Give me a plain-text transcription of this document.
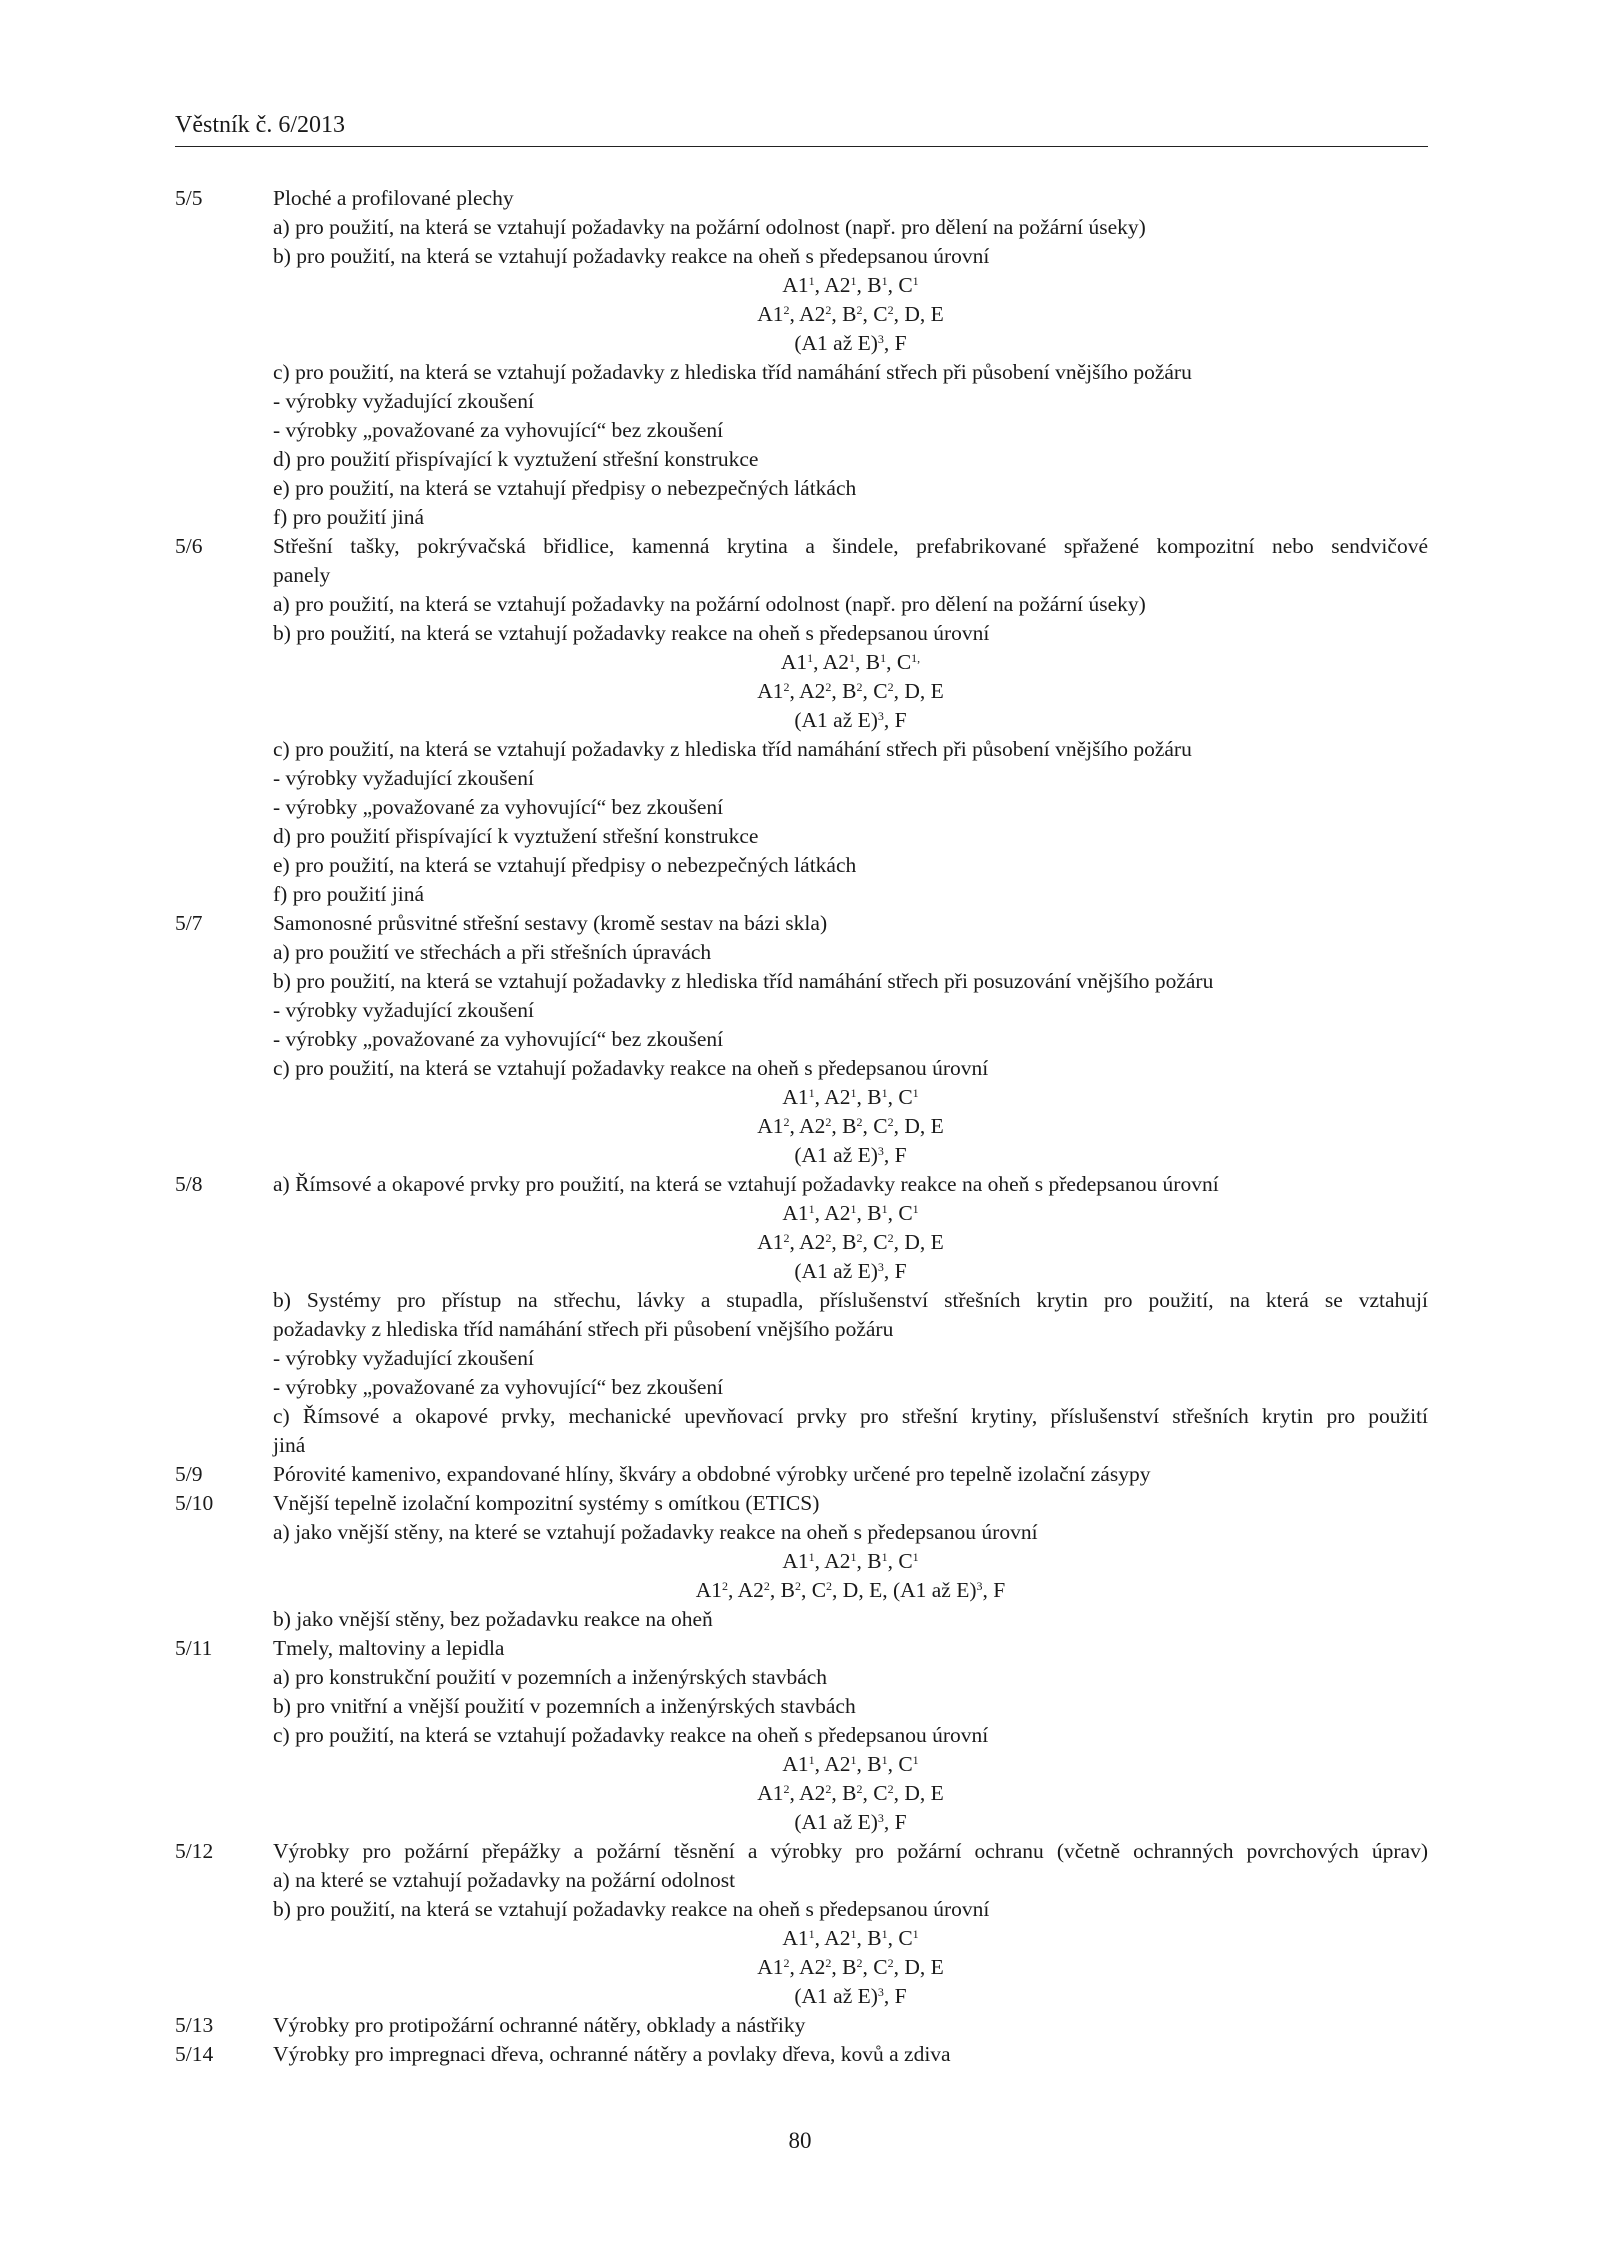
Věstník č. 6/2013
5/5	Ploché a profilované plechy
a) pro použití, na která se vztahují požadavky na požární odolnost (např. pro dělení na požární úseky)
b) pro použití, na která se vztahují požadavky reakce na oheň s předepsanou úrovní
$A1^1$, $A2^1$, $B^1$, $C^1$
$A1^2$, $A2^2$, $B^2$, $C^2$, D, E
(A1 až E)$^3$, F
c) pro použití, na která se vztahují požadavky z hlediska tříd namáhání střech při působení vnějšího požáru
- výrobky vyžadující zkoušení
- výrobky „považované za vyhovující“ bez zkoušení
d) pro použití přispívající k vyztužení střešní konstrukce
e) pro použití, na která se vztahují předpisy o nebezpečných látkách
f) pro použití jiná
5/6	Střešní tašky, pokrývačská břidlice, kamenná krytina a šindele, prefabrikované spřažené kompozitní nebo sendvičové
panely
a) pro použití, na která se vztahují požadavky na požární odolnost (např. pro dělení na požární úseky)
b) pro použití, na která se vztahují požadavky reakce na oheň s předepsanou úrovní
$A1^1$, $A2^1$, $B^1$, $C^{1,}$
$A1^2$, $A2^2$, $B^2$, $C^2$, D, E
(A1 až E)$^3$, F
c) pro použití, na která se vztahují požadavky z hlediska tříd namáhání střech při působení vnějšího požáru
- výrobky vyžadující zkoušení
- výrobky „považované za vyhovující“ bez zkoušení
d) pro použití přispívající k vyztužení střešní konstrukce
e) pro použití, na která se vztahují předpisy o nebezpečných látkách
f) pro použití jiná
5/7	Samonosné průsvitné střešní sestavy (kromě sestav na bázi skla)
a) pro použití ve střechách a při střešních úpravách
b) pro použití, na která se vztahují požadavky z hlediska tříd namáhání střech při posuzování vnějšího požáru
- výrobky vyžadující zkoušení
- výrobky „považované za vyhovující“ bez zkoušení
c) pro použití, na která se vztahují požadavky reakce na oheň s předepsanou úrovní
$A1^1$, $A2^1$, $B^1$, $C^1$
$A1^2$, $A2^2$, $B^2$, $C^2$, D, E
(A1 až E)$^3$, F
5/8	a) Římsové a okapové prvky pro použití, na která se vztahují požadavky reakce na oheň s předepsanou úrovní
$A1^1$, $A2^1$, $B^1$, $C^1$
$A1^2$, $A2^2$, $B^2$, $C^2$, D, E
(A1 až E)$^3$, F
b) Systémy pro přístup na střechu, lávky a stupadla, příslušenství střešních krytin pro použití, na která se vztahují
požadavky z hlediska tříd namáhání střech při působení vnějšího požáru
- výrobky vyžadující zkoušení
- výrobky „považované za vyhovující“ bez zkoušení
c) Římsové a okapové prvky, mechanické upevňovací prvky pro střešní krytiny, příslušenství střešních krytin pro použití
jiná
5/9	Pórovité kamenivo, expandované hlíny, škváry a obdobné výrobky určené pro tepelně izolační zásypy
5/10	Vnější tepelně izolační kompozitní systémy s omítkou (ETICS)
a) jako vnější stěny, na které se vztahují požadavky reakce na oheň s předepsanou úrovní
$A1^1$, $A2^1$, $B^1$, $C^1$
$A1^2$, $A2^2$, $B^2$, $C^2$, D, E, (A1 až E)$^3$, F
b) jako vnější stěny, bez požadavku reakce na oheň
5/11	Tmely, maltoviny a lepidla
a) pro konstrukční použití v pozemních a inženýrských stavbách
b) pro vnitřní a vnější použití v pozemních a inženýrských stavbách
c) pro použití, na která se vztahují požadavky reakce na oheň s předepsanou úrovní
$A1^1$, $A2^1$, $B^1$, $C^1$
$A1^2$, $A2^2$, $B^2$, $C^2$, D, E
(A1 až E)$^3$, F
5/12	Výrobky pro požární přepážky a požární těsnění a výrobky pro požární ochranu (včetně ochranných povrchových úprav)
a) na které se vztahují požadavky na požární odolnost
b) pro použití, na která se vztahují požadavky reakce na oheň s předepsanou úrovní
$A1^1$, $A2^1$, $B^1$, $C^1$
$A1^2$, $A2^2$, $B^2$, $C^2$, D, E
(A1 až E)$^3$, F
5/13	Výrobky pro protipožární ochranné nátěry, obklady a nástřiky
5/14	Výrobky pro impregnaci dřeva, ochranné nátěry a povlaky dřeva, kovů a zdiva
80
